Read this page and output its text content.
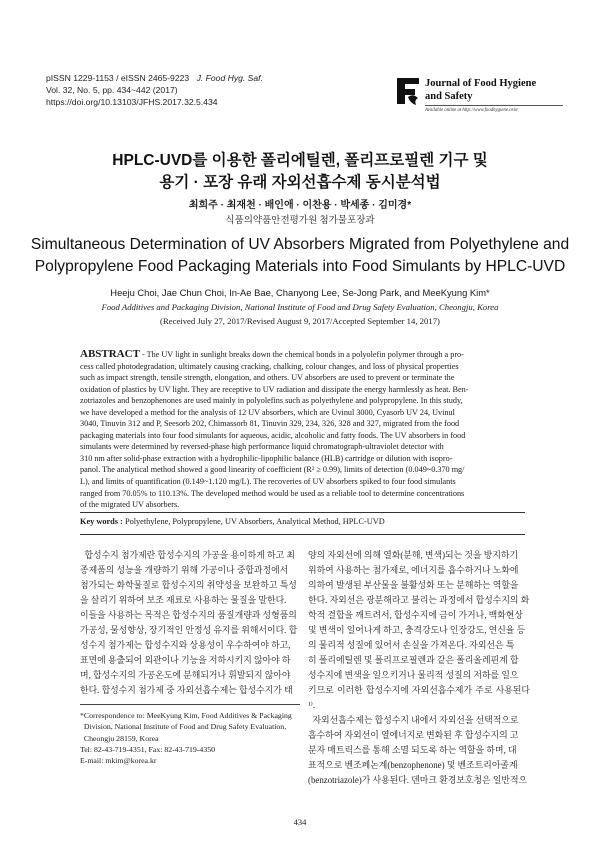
pISSN 1229-1153 / eISSN 2465-9223 J. Food Hyg. Saf.
Vol. 32, No. 5, pp. 434~442 (2017)
https://doi.org/10.13103/JFHS.2017.32.5.434
Journal of Food Hygiene
and Safety
Available online at http://www.foodhygiene.or.kr
HPLC-UVD를 이용한 폴리에틸렌, 폴리프로필렌 기구 및
용기 · 포장 유래 자외선흡수제 동시분석법
최희주 · 최재천 · 배인애 · 이찬용 · 박세종 · 김미경*
식품의약품안전평가원 첨가물포장과
Simultaneous Determination of UV Absorbers Migrated from Polyethylene and
Polypropylene Food Packaging Materials into Food Simulants by HPLC-UVD
Heeju Choi, Jae Chun Choi, In-Ae Bae, Chanyong Lee, Se-Jong Park, and MeeKyung Kim*
Food Additives and Packaging Division, National Institute of Food and Drug Safety Evaluation, Cheongju, Korea
(Received July 27, 2017/Revised August 9, 2017/Accepted September 14, 2017)
ABSTRACT - The UV light in sunlight breaks down the chemical bonds in a polyolefin polymer through a pro-
cess called photodegradation, ultimately causing cracking, chalking, colour changes, and loss of physical properties
such as impact strength, tensile strength, elongation, and others. UV absorbers are used to prevent or terminate the
oxidation of plastics by UV light. They are receptive to UV radiation and dissipate the energy harmlessly as heat. Ben-
zotriazoles and benzophenones are used mainly in polyolefins such as polyethylene and polypropylene. In this study,
we have developed a method for the analysis of 12 UV absorbers, which are Uvinul 3000, Cyasorb UV 24, Uvinul
3040, Tinuvin 312 and P, Seesorb 202, Chimassorb 81, Tinuvin 329, 234, 326, 328 and 327, migrated from the food
packaging materials into four food simulants for aqueous, acidic, alcoholic and fatty foods. The UV absorbers in food
simulants were determined by reversed-phase high performance liquid chromatograph-ultraviolet detector with
310 nm after solid-phase extraction with a hydrophilic-lipophilic balance (HLB) cartridge or dilution with isopro-
panol. The analytical method showed a good linearity of coefficient (R² ≥ 0.99), limits of detection (0.049~0.370 mg/
L), and limits of quantification (0.149~1.120 mg/L). The recoveries of UV absorbers spiked to four food simulants
ranged from 70.05% to 110.13%. The developed method would be used as a reliable tool to determine concentrations
of the migrated UV absorbers.
Key words : Polyethylene, Polypropylene, UV Absorbers, Analytical Method, HPLC-UVD
합성수지 첨가제란 합성수지의 가공을 용이하게 하고 최
종제품의 성능을 개량하기 위해 가공이나 중합과정에서
첨가되는 화학물질로 합성수지의 취약성을 보완하고 특성
을 살리기 위하여 보조 재료로 사용하는 물질을 말한다.
이들을 사용하는 목적은 합성수지의 품질개량과 성형품의
가공성, 물성향상, 장기적인 안정성 유지를 위해서이다. 합
성수지 첨가제는 합성수지와 상용성이 우수하여야 하고,
표면에 용출되어 외관이나 기능을 저하시키지 않아야 하
며, 합성수지의 가공온도에 분해되거나 휘발되지 않아야
한다. 합성수지 첨가제 중 자외선흡수제는 합성수지가 태
양의 자외선에 의해 열화(분해, 변색)되는 것을 방지하기
위하여 사용하는 첨가제로, 에너지를 흡수하거나 노화에
의하여 발생된 부산물을 불활성화 또는 분해하는 역할을
한다. 자외선은 광분해라고 불리는 과정에서 합성수지의 화
학적 결합을 깨트려서, 합성수지에 금이 가거나, 백화현상
및 변색이 일어나게 하고, 충격강도나 인장강도, 연신율 등
의 물리적 성질에 있어서 손실을 가져온다. 자외선은 특
히 폴리에틸렌 및 폴리프로필렌과 같은 폴리올레핀계 합
성수지에 변색을 일으키거나 물리적 성질의 저하를 일으
키므로 이러한 합성수지에 자외선흡수제가 주로 사용된다¹⁾.
자외선흡수제는 합성수지 내에서 자외선을 선택적으로
흡수하여 자외선이 열에너지로 변화된 후 합성수지의 고
분자 매트릭스를 통해 소멸 되도록 하는 역할을 하며, 대
표적으로 벤조페논계(benzophenone) 및 벤조트리아졸계
(benzotriazole)가 사용된다. 덴마크 환경보호청은 일반적으
*Correspondence to: MeeKyung Kim, Food Additives & Packaging
Division, National Institute of Food and Drug Safety Evaluation,
Cheongju 28159, Korea
Tel: 82-43-719-4351, Fax: 82-43-719-4350
E-mail: mkim@korea.kr
434
